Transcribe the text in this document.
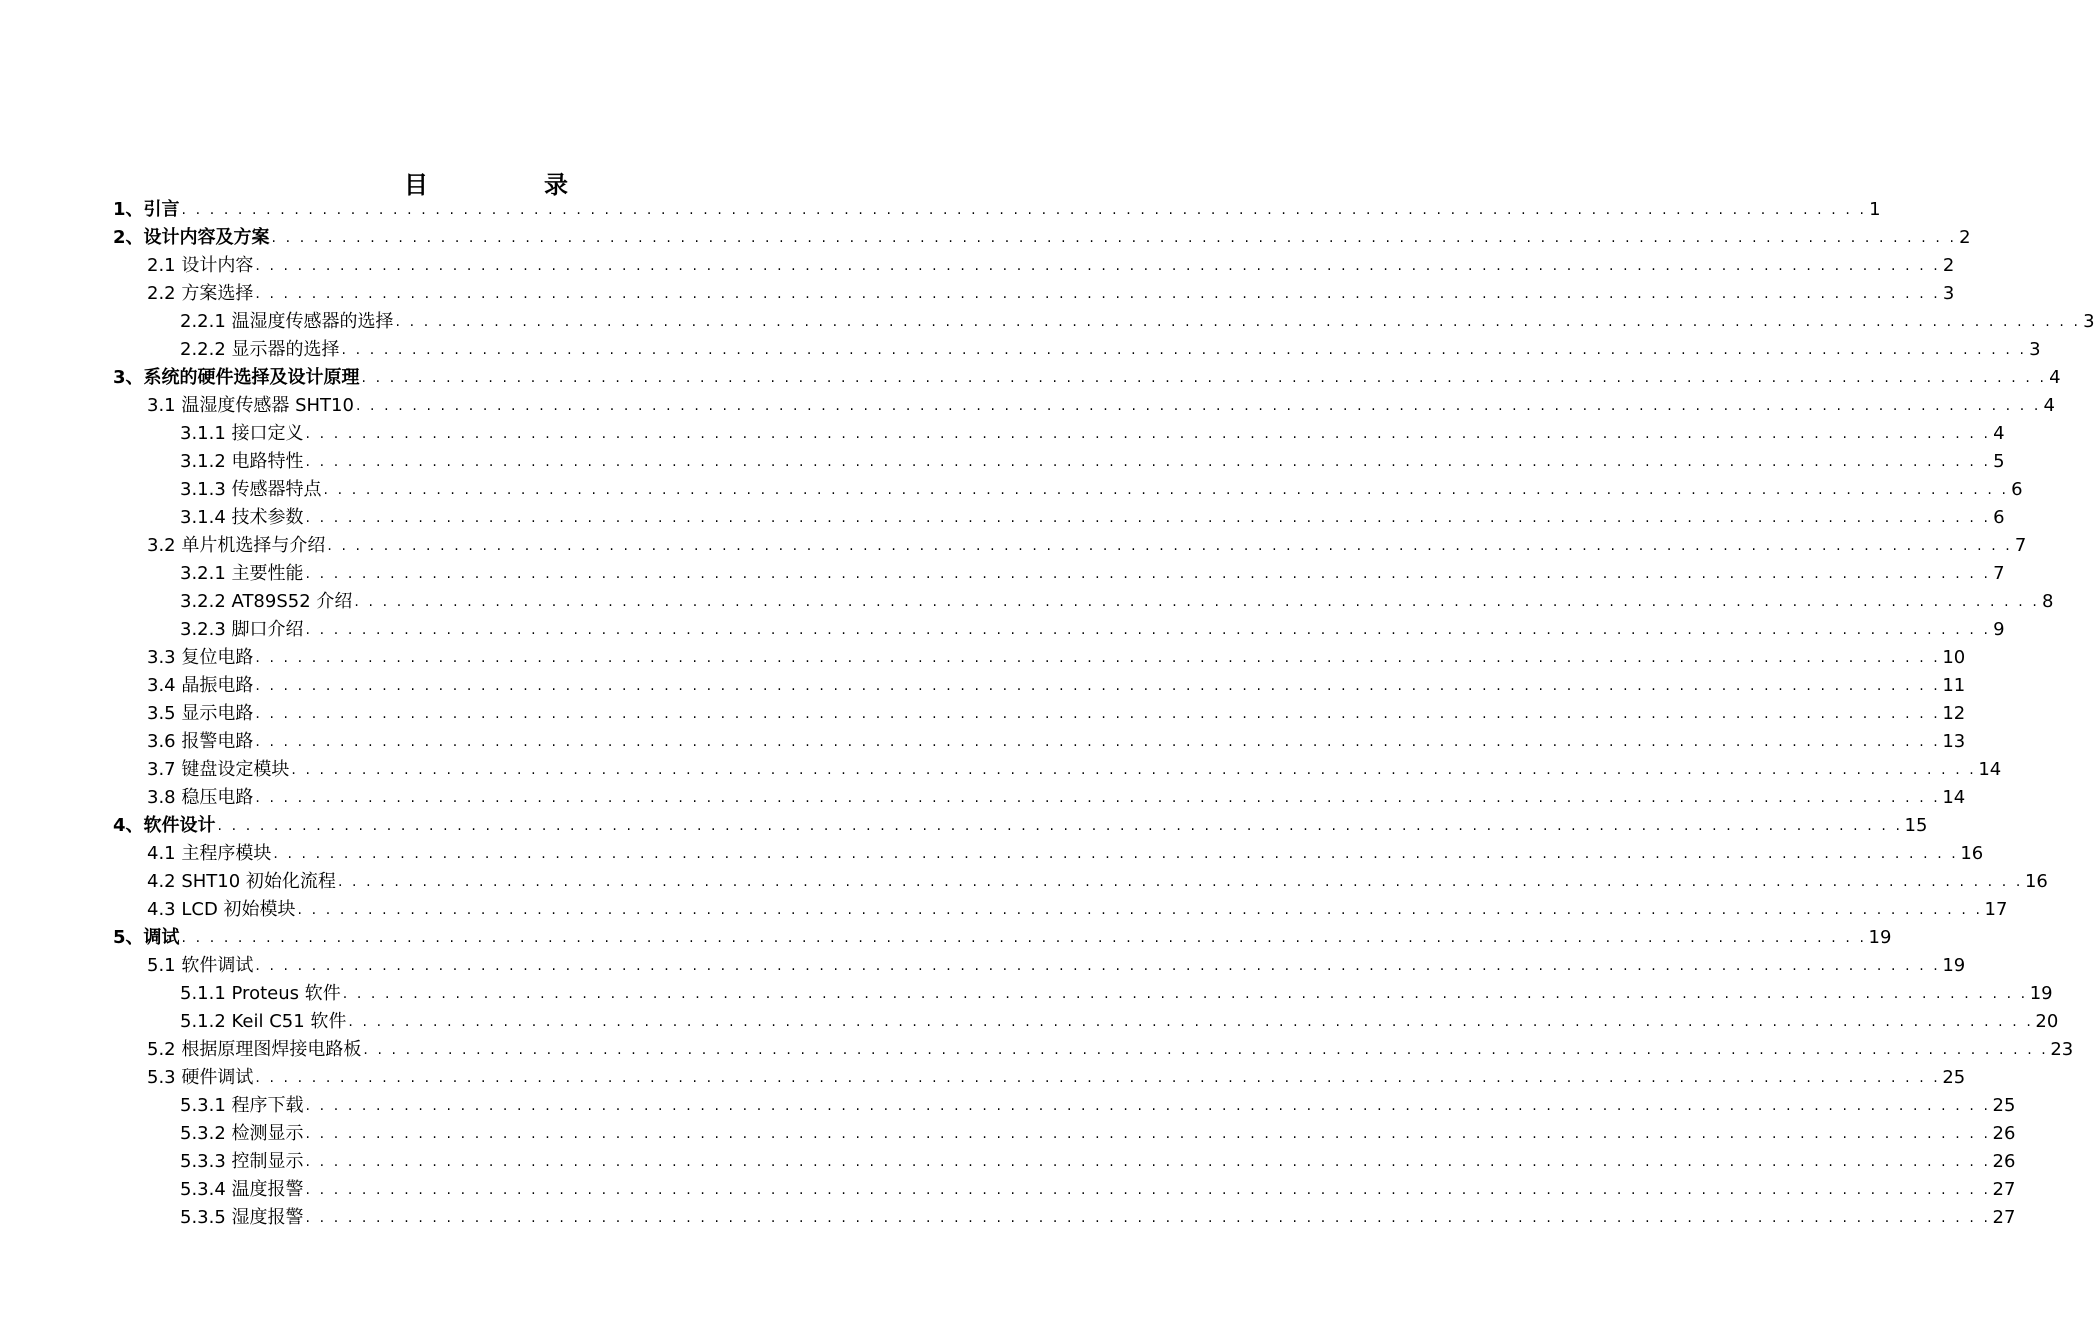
目	录
1、引言 . . . . . . . . . . . . . . . . . . . . . . . . . . . . . . . . . . . . . . . . . . . . . . . . . . . . . . . . . . . . . . . . . . . . . . . . . . . . . . . . . . . . . . . . . . . . . . . . . . . . . . . . . . . . . . . . . . . . . . . . 1
2、设计内容及方案 . . . . . . . . . . . . . . . . . . . . . . . . . . . . . . . . . . . . . . . . . . . . . . . . . . . . . . . . . . . . . . . . . . . . . . . . . . . . . . . . . . . . . . . . . . . . . . . . . . . . . . . . . . . . . . . . . . . . . . . . 2
2.1 设计内容 . . . . . . . . . . . . . . . . . . . . . . . . . . . . . . . . . . . . . . . . . . . . . . . . . . . . . . . . . . . . . . . . . . . . . . . . . . . . . . . . . . . . . . . . . . . . . . . . . . . . . . . . . . . . . . . . . . . . . . . . 2
2.2 方案选择 . . . . . . . . . . . . . . . . . . . . . . . . . . . . . . . . . . . . . . . . . . . . . . . . . . . . . . . . . . . . . . . . . . . . . . . . . . . . . . . . . . . . . . . . . . . . . . . . . . . . . . . . . . . . . . . . . . . . . . . . 3
2.2.1 温湿度传感器的选择 . . . . . . . . . . . . . . . . . . . . . . . . . . . . . . . . . . . . . . . . . . . . . . . . . . . . . . . . . . . . . . . . . . . . . . . . . . . . . . . . . . . . . . . . . . . . . . . . . . . . . . . . . . . . . . . . . . . . . . . . 3
2.2.2 显示器的选择 . . . . . . . . . . . . . . . . . . . . . . . . . . . . . . . . . . . . . . . . . . . . . . . . . . . . . . . . . . . . . . . . . . . . . . . . . . . . . . . . . . . . . . . . . . . . . . . . . . . . . . . . . . . . . . . . . . . . . . . . 3
3、系统的硬件选择及设计原理 . . . . . . . . . . . . . . . . . . . . . . . . . . . . . . . . . . . . . . . . . . . . . . . . . . . . . . . . . . . . . . . . . . . . . . . . . . . . . . . . . . . . . . . . . . . . . . . . . . . . . . . . . . . . . . . . . . . . . . . . 4
3.1 温湿度传感器 SHT10 . . . . . . . . . . . . . . . . . . . . . . . . . . . . . . . . . . . . . . . . . . . . . . . . . . . . . . . . . . . . . . . . . . . . . . . . . . . . . . . . . . . . . . . . . . . . . . . . . . . . . . . . . . . . . . . . . . . . . . . . 4
3.1.1 接口定义 . . . . . . . . . . . . . . . . . . . . . . . . . . . . . . . . . . . . . . . . . . . . . . . . . . . . . . . . . . . . . . . . . . . . . . . . . . . . . . . . . . . . . . . . . . . . . . . . . . . . . . . . . . . . . . . . . . . . . . . . 4
3.1.2 电路特性 . . . . . . . . . . . . . . . . . . . . . . . . . . . . . . . . . . . . . . . . . . . . . . . . . . . . . . . . . . . . . . . . . . . . . . . . . . . . . . . . . . . . . . . . . . . . . . . . . . . . . . . . . . . . . . . . . . . . . . . . 5
3.1.3 传感器特点 . . . . . . . . . . . . . . . . . . . . . . . . . . . . . . . . . . . . . . . . . . . . . . . . . . . . . . . . . . . . . . . . . . . . . . . . . . . . . . . . . . . . . . . . . . . . . . . . . . . . . . . . . . . . . . . . . . . . . . . . 6
3.1.4 技术参数 . . . . . . . . . . . . . . . . . . . . . . . . . . . . . . . . . . . . . . . . . . . . . . . . . . . . . . . . . . . . . . . . . . . . . . . . . . . . . . . . . . . . . . . . . . . . . . . . . . . . . . . . . . . . . . . . . . . . . . . . 6
3.2 单片机选择与介绍 . . . . . . . . . . . . . . . . . . . . . . . . . . . . . . . . . . . . . . . . . . . . . . . . . . . . . . . . . . . . . . . . . . . . . . . . . . . . . . . . . . . . . . . . . . . . . . . . . . . . . . . . . . . . . . . . . . . . . . . . 7
3.2.1 主要性能 . . . . . . . . . . . . . . . . . . . . . . . . . . . . . . . . . . . . . . . . . . . . . . . . . . . . . . . . . . . . . . . . . . . . . . . . . . . . . . . . . . . . . . . . . . . . . . . . . . . . . . . . . . . . . . . . . . . . . . . . 7
3.2.2 AT89S52 介绍 . . . . . . . . . . . . . . . . . . . . . . . . . . . . . . . . . . . . . . . . . . . . . . . . . . . . . . . . . . . . . . . . . . . . . . . . . . . . . . . . . . . . . . . . . . . . . . . . . . . . . . . . . . . . . . . . . . . . . . . . 8
3.2.3 脚口介绍 . . . . . . . . . . . . . . . . . . . . . . . . . . . . . . . . . . . . . . . . . . . . . . . . . . . . . . . . . . . . . . . . . . . . . . . . . . . . . . . . . . . . . . . . . . . . . . . . . . . . . . . . . . . . . . . . . . . . . . . . 9
3.3 复位电路 . . . . . . . . . . . . . . . . . . . . . . . . . . . . . . . . . . . . . . . . . . . . . . . . . . . . . . . . . . . . . . . . . . . . . . . . . . . . . . . . . . . . . . . . . . . . . . . . . . . . . . . . . . . . . . . . . . . . . . . . 10
3.4 晶振电路 . . . . . . . . . . . . . . . . . . . . . . . . . . . . . . . . . . . . . . . . . . . . . . . . . . . . . . . . . . . . . . . . . . . . . . . . . . . . . . . . . . . . . . . . . . . . . . . . . . . . . . . . . . . . . . . . . . . . . . . . 11
3.5 显示电路 . . . . . . . . . . . . . . . . . . . . . . . . . . . . . . . . . . . . . . . . . . . . . . . . . . . . . . . . . . . . . . . . . . . . . . . . . . . . . . . . . . . . . . . . . . . . . . . . . . . . . . . . . . . . . . . . . . . . . . . . 12
3.6 报警电路 . . . . . . . . . . . . . . . . . . . . . . . . . . . . . . . . . . . . . . . . . . . . . . . . . . . . . . . . . . . . . . . . . . . . . . . . . . . . . . . . . . . . . . . . . . . . . . . . . . . . . . . . . . . . . . . . . . . . . . . . 13
3.7 键盘设定模块 . . . . . . . . . . . . . . . . . . . . . . . . . . . . . . . . . . . . . . . . . . . . . . . . . . . . . . . . . . . . . . . . . . . . . . . . . . . . . . . . . . . . . . . . . . . . . . . . . . . . . . . . . . . . . . . . . . . . . . . . 14
3.8 稳压电路 . . . . . . . . . . . . . . . . . . . . . . . . . . . . . . . . . . . . . . . . . . . . . . . . . . . . . . . . . . . . . . . . . . . . . . . . . . . . . . . . . . . . . . . . . . . . . . . . . . . . . . . . . . . . . . . . . . . . . . . . 14
4、软件设计 . . . . . . . . . . . . . . . . . . . . . . . . . . . . . . . . . . . . . . . . . . . . . . . . . . . . . . . . . . . . . . . . . . . . . . . . . . . . . . . . . . . . . . . . . . . . . . . . . . . . . . . . . . . . . . . . . . . . . . . . 15
4.1 主程序模块 . . . . . . . . . . . . . . . . . . . . . . . . . . . . . . . . . . . . . . . . . . . . . . . . . . . . . . . . . . . . . . . . . . . . . . . . . . . . . . . . . . . . . . . . . . . . . . . . . . . . . . . . . . . . . . . . . . . . . . . . 16
4.2 SHT10 初始化流程 . . . . . . . . . . . . . . . . . . . . . . . . . . . . . . . . . . . . . . . . . . . . . . . . . . . . . . . . . . . . . . . . . . . . . . . . . . . . . . . . . . . . . . . . . . . . . . . . . . . . . . . . . . . . . . . . . . . . . . . . 16
4.3 LCD 初始模块 . . . . . . . . . . . . . . . . . . . . . . . . . . . . . . . . . . . . . . . . . . . . . . . . . . . . . . . . . . . . . . . . . . . . . . . . . . . . . . . . . . . . . . . . . . . . . . . . . . . . . . . . . . . . . . . . . . . . . . . . 17
5、调试 . . . . . . . . . . . . . . . . . . . . . . . . . . . . . . . . . . . . . . . . . . . . . . . . . . . . . . . . . . . . . . . . . . . . . . . . . . . . . . . . . . . . . . . . . . . . . . . . . . . . . . . . . . . . . . . . . . . . . . . . 19
5.1 软件调试 . . . . . . . . . . . . . . . . . . . . . . . . . . . . . . . . . . . . . . . . . . . . . . . . . . . . . . . . . . . . . . . . . . . . . . . . . . . . . . . . . . . . . . . . . . . . . . . . . . . . . . . . . . . . . . . . . . . . . . . . 19
5.1.1 Proteus 软件 . . . . . . . . . . . . . . . . . . . . . . . . . . . . . . . . . . . . . . . . . . . . . . . . . . . . . . . . . . . . . . . . . . . . . . . . . . . . . . . . . . . . . . . . . . . . . . . . . . . . . . . . . . . . . . . . . . . . . . . . 19
5.1.2 Keil C51 软件 . . . . . . . . . . . . . . . . . . . . . . . . . . . . . . . . . . . . . . . . . . . . . . . . . . . . . . . . . . . . . . . . . . . . . . . . . . . . . . . . . . . . . . . . . . . . . . . . . . . . . . . . . . . . . . . . . . . . . . . . 20
5.2 根据原理图焊接电路板 . . . . . . . . . . . . . . . . . . . . . . . . . . . . . . . . . . . . . . . . . . . . . . . . . . . . . . . . . . . . . . . . . . . . . . . . . . . . . . . . . . . . . . . . . . . . . . . . . . . . . . . . . . . . . . . . . . . . . . . . 23
5.3 硬件调试 . . . . . . . . . . . . . . . . . . . . . . . . . . . . . . . . . . . . . . . . . . . . . . . . . . . . . . . . . . . . . . . . . . . . . . . . . . . . . . . . . . . . . . . . . . . . . . . . . . . . . . . . . . . . . . . . . . . . . . . . 25
5.3.1 程序下载 . . . . . . . . . . . . . . . . . . . . . . . . . . . . . . . . . . . . . . . . . . . . . . . . . . . . . . . . . . . . . . . . . . . . . . . . . . . . . . . . . . . . . . . . . . . . . . . . . . . . . . . . . . . . . . . . . . . . . . . . 25
5.3.2 检测显示 . . . . . . . . . . . . . . . . . . . . . . . . . . . . . . . . . . . . . . . . . . . . . . . . . . . . . . . . . . . . . . . . . . . . . . . . . . . . . . . . . . . . . . . . . . . . . . . . . . . . . . . . . . . . . . . . . . . . . . . . 26
5.3.3 控制显示 . . . . . . . . . . . . . . . . . . . . . . . . . . . . . . . . . . . . . . . . . . . . . . . . . . . . . . . . . . . . . . . . . . . . . . . . . . . . . . . . . . . . . . . . . . . . . . . . . . . . . . . . . . . . . . . . . . . . . . . . 26
5.3.4 温度报警 . . . . . . . . . . . . . . . . . . . . . . . . . . . . . . . . . . . . . . . . . . . . . . . . . . . . . . . . . . . . . . . . . . . . . . . . . . . . . . . . . . . . . . . . . . . . . . . . . . . . . . . . . . . . . . . . . . . . . . . . 27
5.3.5 湿度报警 . . . . . . . . . . . . . . . . . . . . . . . . . . . . . . . . . . . . . . . . . . . . . . . . . . . . . . . . . . . . . . . . . . . . . . . . . . . . . . . . . . . . . . . . . . . . . . . . . . . . . . . . . . . . . . . . . . . . . . . . 27
